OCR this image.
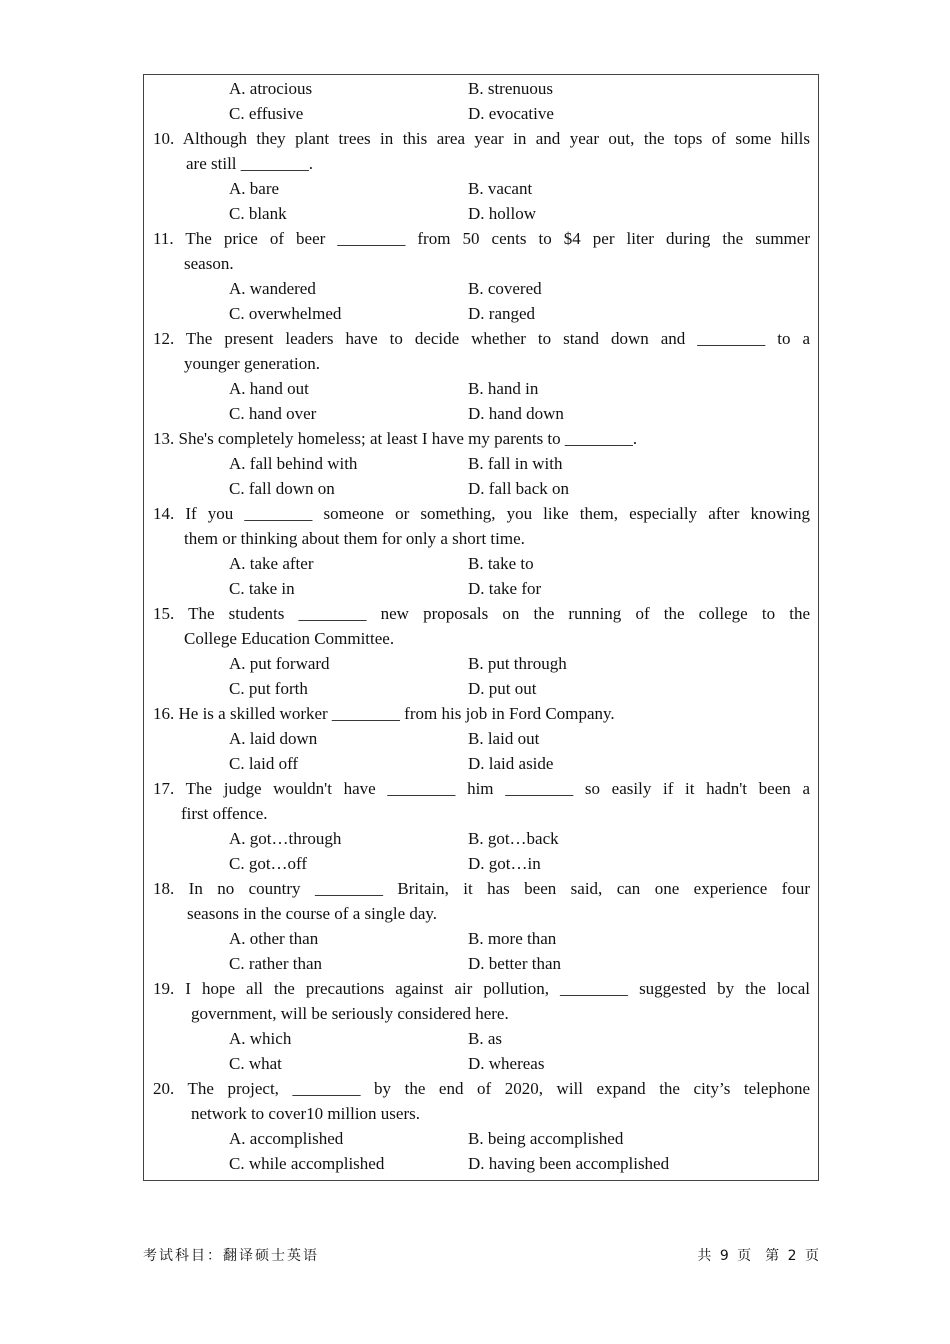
A. atrocious	B. strenuous
C. effusive	D. evocative
10. Although they plant trees in this area year in and year out, the tops of some hills
are still ________.
A. bare	B. vacant
C. blank	D. hollow
11. The price of beer ________ from 50 cents to $4 per liter during the summer
season.
A. wandered	B. covered
C. overwhelmed	D. ranged
12. The present leaders have to decide whether to stand down and ________ to a
younger generation.
A. hand out	B. hand in
C. hand over	D. hand down
13. She's completely homeless; at least I have my parents to ________.
A. fall behind with	B. fall in with
C. fall down on	D. fall back on
14. If you ________ someone or something, you like them, especially after knowing
them or thinking about them for only a short time.
A. take after	B. take to
C. take in	D. take for
15. The students ________ new proposals on the running of the college to the
College Education Committee.
A. put forward	B. put through
C. put forth	D. put out
16. He is a skilled worker ________ from his job in Ford Company.
A. laid down	B. laid out
C. laid off	D. laid aside
17. The judge wouldn't have ________ him ________ so easily if it hadn't been a
first offence.
A. got…through	B. got…back
C. got…off	D. got…in
18. In no country ________ Britain, it has been said, can one experience four
seasons in the course of a single day.
A. other than	B. more than
C. rather than	D. better than
19. I hope all the precautions against air pollution, ________ suggested by the local
government, will be seriously considered here.
A. which	B. as
C. what	D. whereas
20. The project, ________ by the end of 2020, will expand the city’s telephone
network to cover10 million users.
A. accomplished	B. being accomplished
C. while accomplished	D. having been accomplished
考试科目：翻译硕士英语	共 9 页　第 2 页
